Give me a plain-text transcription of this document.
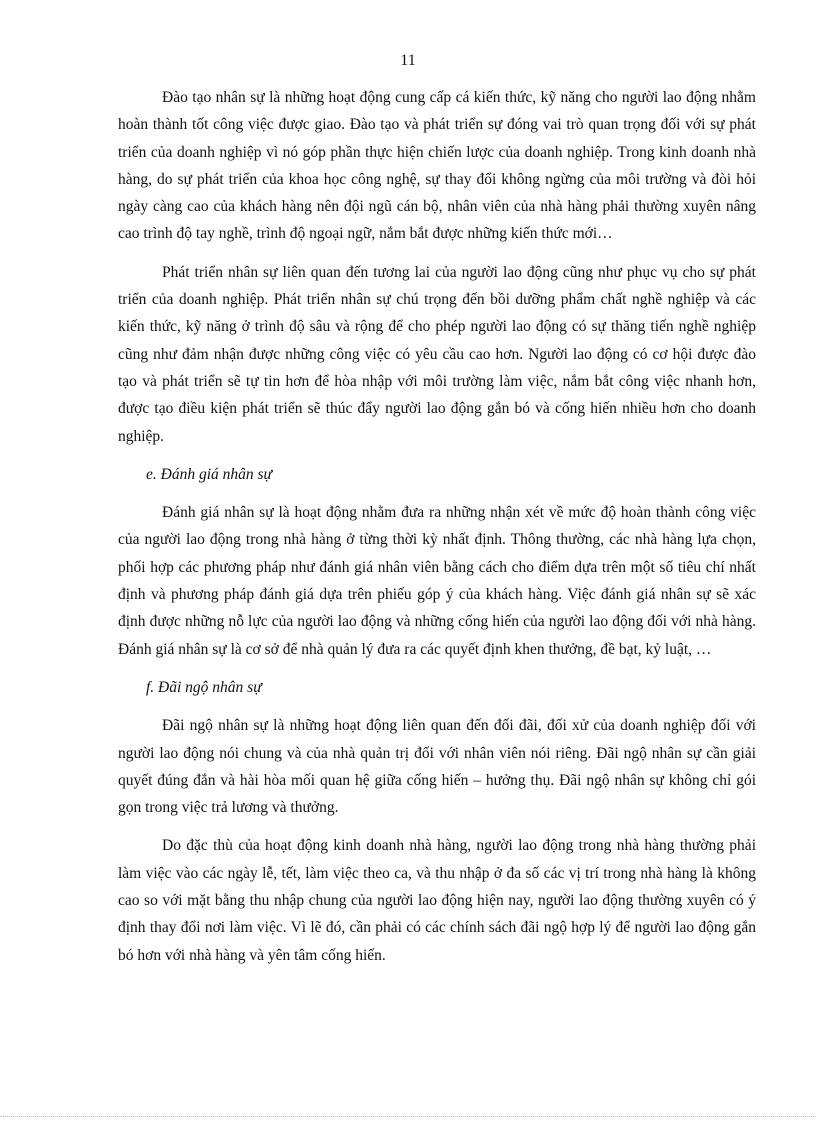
11

Đào tạo nhân sự là những hoạt động cung cấp cá kiến thức, kỹ năng cho người lao động nhằm hoàn thành tốt công việc được giao. Đào tạo và phát triển sự đóng vai trò quan trọng đối với sự phát triển của doanh nghiệp vì nó góp phần thực hiện chiến lược của doanh nghiệp. Trong kinh doanh nhà hàng, do sự phát triển của khoa học công nghệ, sự thay đổi không ngừng của môi trường và đòi hỏi ngày càng cao của khách hàng nên đội ngũ cán bộ, nhân viên của nhà hàng phải thường xuyên nâng cao trình độ tay nghề, trình độ ngoại ngữ, nắm bắt được những kiến thức mới…

Phát triển nhân sự liên quan đến tương lai của người lao động cũng như phục vụ cho sự phát triển của doanh nghiệp. Phát triển nhân sự chú trọng đến bồi dưỡng phẩm chất nghề nghiệp và các kiến thức, kỹ năng ở trình độ sâu và rộng để cho phép người lao động có sự thăng tiến nghề nghiệp cũng như đảm nhận được những công việc có yêu cầu cao hơn. Người lao động có cơ hội được đào tạo và phát triển sẽ tự tin hơn để hòa nhập với môi trường làm việc, nắm bắt công việc nhanh hơn, được tạo điều kiện phát triển sẽ thúc đẩy người lao động gắn bó và cống hiến nhiều hơn cho doanh nghiệp.

e. Đánh giá nhân sự

Đánh giá nhân sự là hoạt động nhằm đưa ra những nhận xét về mức độ hoàn thành công việc của người lao động trong nhà hàng ở từng thời kỳ nhất định. Thông thường, các nhà hàng lựa chọn, phối hợp các phương pháp như đánh giá nhân viên bằng cách cho điểm dựa trên một số tiêu chí nhất định và phương pháp đánh giá dựa trên phiếu góp ý của khách hàng. Việc đánh giá nhân sự sẽ xác định được những nỗ lực của người lao động và những cống hiến của người lao động đối với nhà hàng. Đánh giá nhân sự là cơ sở để nhà quản lý đưa ra các quyết định khen thưởng, đề bạt, kỷ luật, …

f. Đãi ngộ nhân sự

Đãi ngộ nhân sự là những hoạt động liên quan đến đối đãi, đối xử của doanh nghiệp đối với người lao động nói chung và của nhà quản trị đối với nhân viên nói riêng. Đãi ngộ nhân sự cần giải quyết đúng đắn và hài hòa mối quan hệ giữa cống hiến – hưởng thụ. Đãi ngộ nhân sự không chỉ gói gọn trong việc trả lương và thưởng.

Do đặc thù của hoạt động kinh doanh nhà hàng, người lao động trong nhà hàng thường phải làm việc vào các ngày lễ, tết, làm việc theo ca, và thu nhập ở đa số các vị trí trong nhà hàng là không cao so với mặt bằng thu nhập chung của người lao động hiện nay, người lao động thường xuyên có ý định thay đổi nơi làm việc. Vì lẽ đó, cần phải có các chính sách đãi ngộ hợp lý để người lao động gắn bó hơn với nhà hàng và yên tâm cống hiến.
